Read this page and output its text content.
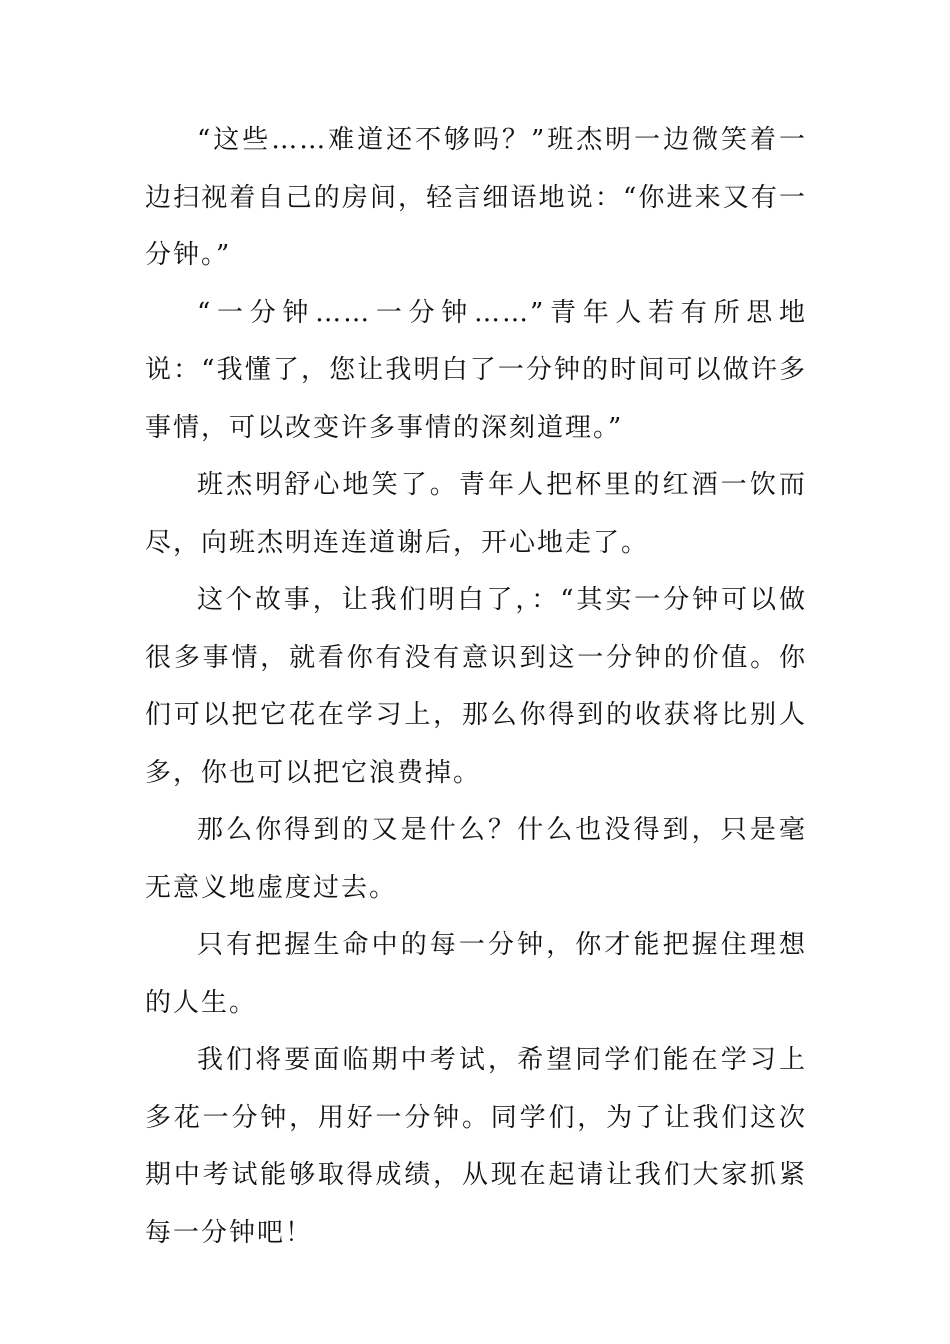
“这些……难道还不够吗？”班杰明一边微笑着一边扫视着自己的房间，轻言细语地说：“你进来又有一分钟。”

“一分钟……一分钟……”青年人若有所思地说：“我懂了，您让我明白了一分钟的时间可以做许多事情，可以改变许多事情的深刻道理。”

班杰明舒心地笑了。青年人把杯里的红酒一饮而尽，向班杰明连连道谢后，开心地走了。

这个故事，让我们明白了，：“其实一分钟可以做很多事情，就看你有没有意识到这一分钟的价值。你们可以把它花在学习上，那么你得到的收获将比别人多，你也可以把它浪费掉。

那么你得到的又是什么？什么也没得到，只是毫无意义地虚度过去。

只有把握生命中的每一分钟，你才能把握住理想的人生。

我们将要面临期中考试，希望同学们能在学习上多花一分钟，用好一分钟。同学们，为了让我们这次期中考试能够取得成绩，从现在起请让我们大家抓紧每一分钟吧！
